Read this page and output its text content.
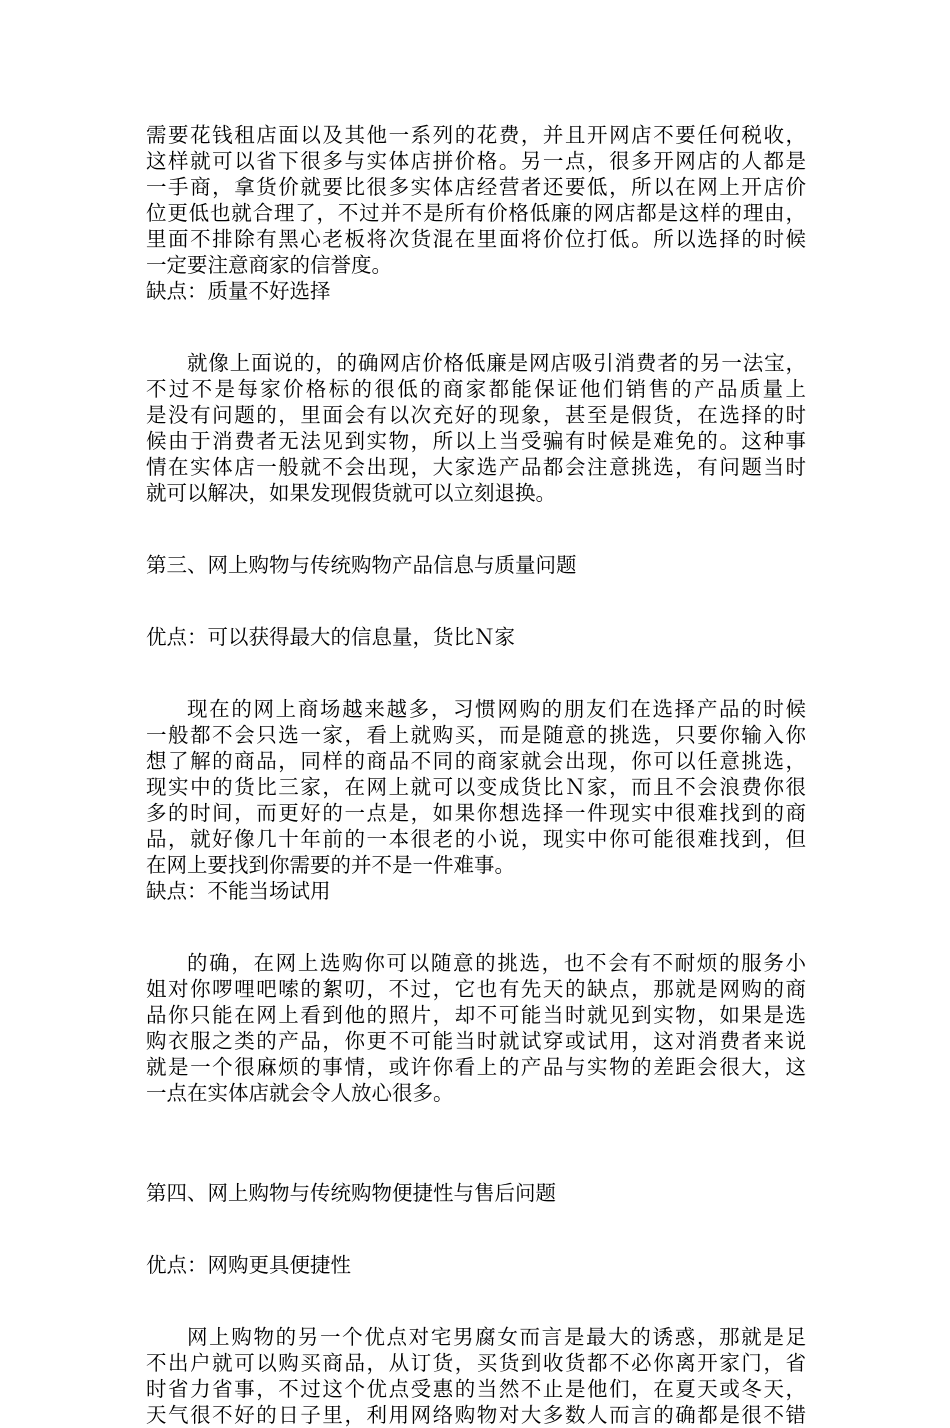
需要花钱租店面以及其他一系列的花费，并且开网店不要任何税收，
这样就可以省下很多与实体店拼价格。另一点，很多开网店的人都是
一手商，拿货价就要比很多实体店经营者还要低，所以在网上开店价
位更低也就合理了，不过并不是所有价格低廉的网店都是这样的理由，
里面不排除有黑心老板将次货混在里面将价位打低。所以选择的时候
一定要注意商家的信誉度。
缺点：质量不好选择
就像上面说的，的确网店价格低廉是网店吸引消费者的另一法宝，
不过不是每家价格标的很低的商家都能保证他们销售的产品质量上
是没有问题的，里面会有以次充好的现象，甚至是假货，在选择的时
候由于消费者无法见到实物，所以上当受骗有时候是难免的。这种事
情在实体店一般就不会出现，大家选产品都会注意挑选，有问题当时
就可以解决，如果发现假货就可以立刻退换。
第三、网上购物与传统购物产品信息与质量问题
优点：可以获得最大的信息量，货比Ｎ家
现在的网上商场越来越多，习惯网购的朋友们在选择产品的时候
一般都不会只选一家，看上就购买，而是随意的挑选，只要你输入你
想了解的商品，同样的商品不同的商家就会出现，你可以任意挑选，
现实中的货比三家，在网上就可以变成货比Ｎ家，而且不会浪费你很
多的时间，而更好的一点是，如果你想选择一件现实中很难找到的商
品，就好像几十年前的一本很老的小说，现实中你可能很难找到，但
在网上要找到你需要的并不是一件难事。
缺点：不能当场试用
的确，在网上选购你可以随意的挑选，也不会有不耐烦的服务小
姐对你啰哩吧嗦的絮叨，不过，它也有先天的缺点，那就是网购的商
品你只能在网上看到他的照片，却不可能当时就见到实物，如果是选
购衣服之类的产品，你更不可能当时就试穿或试用，这对消费者来说
就是一个很麻烦的事情，或许你看上的产品与实物的差距会很大，这
一点在实体店就会令人放心很多。
第四、网上购物与传统购物便捷性与售后问题
优点：网购更具便捷性
网上购物的另一个优点对宅男腐女而言是最大的诱惑，那就是足
不出户就可以购买商品，从订货，买货到收货都不必你离开家门，省
时省力省事，不过这个优点受惠的当然不止是他们，在夏天或冬天，
天气很不好的日子里，利用网络购物对大多数人而言的确都是很不错
